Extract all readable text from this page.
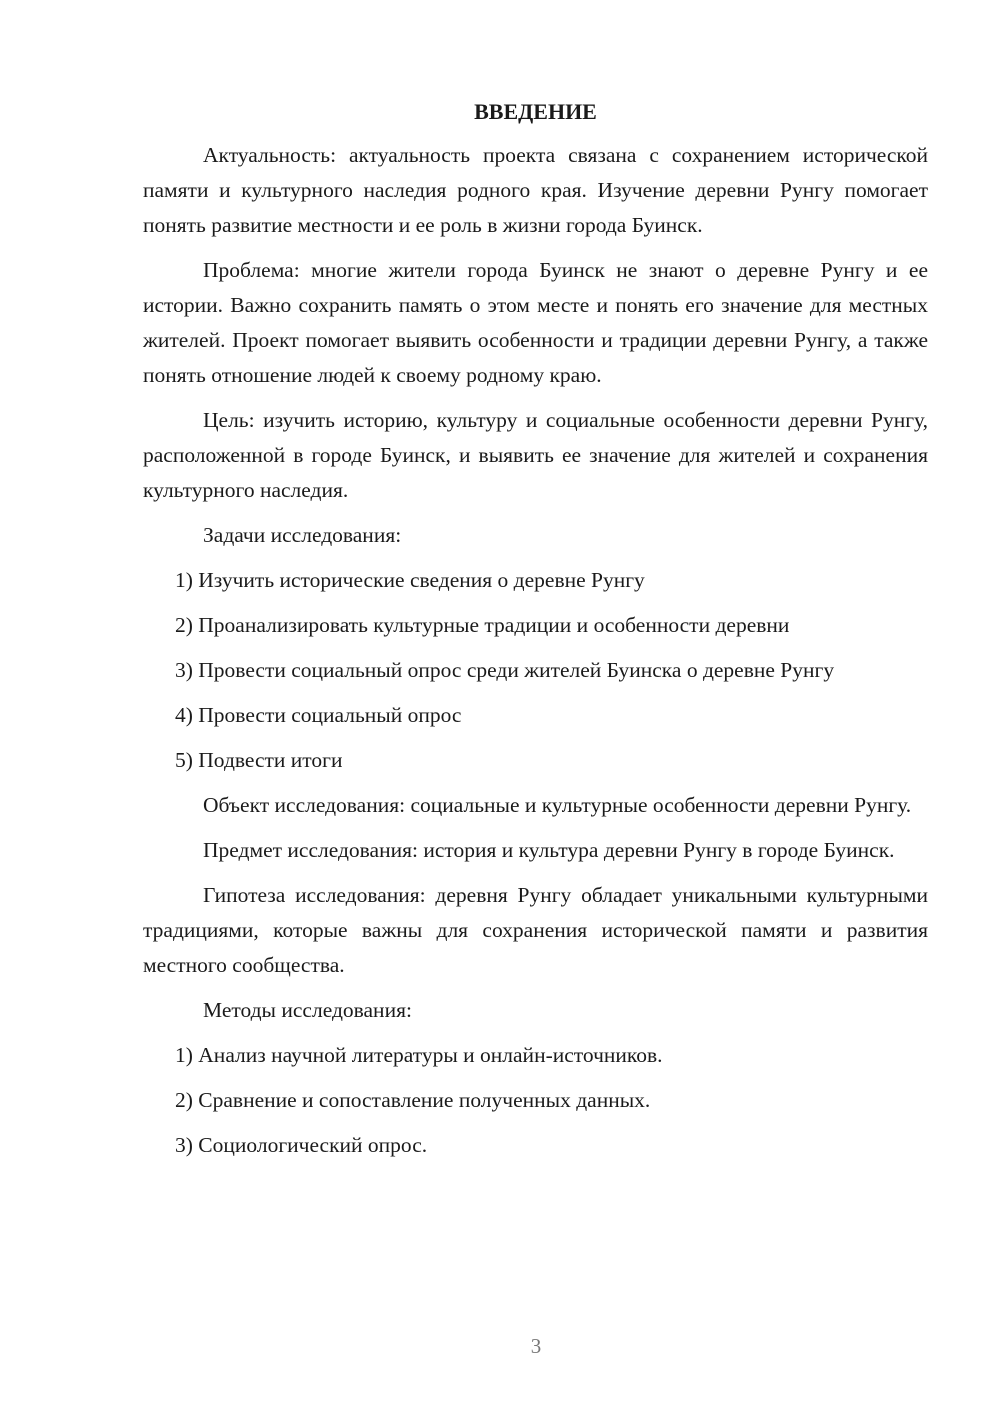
ВВЕДЕНИЕ

Актуальность: актуальность проекта связана с сохранением исторической памяти и культурного наследия родного края. Изучение деревни Рунгу помогает понять развитие местности и ее роль в жизни города Буинск.

Проблема: многие жители города Буинск не знают о деревне Рунгу и ее истории. Важно сохранить память о этом месте и понять его значение для местных жителей. Проект помогает выявить особенности и традиции деревни Рунгу, а также понять отношение людей к своему родному краю.

Цель: изучить историю, культуру и социальные особенности деревни Рунгу, расположенной в городе Буинск, и выявить ее значение для жителей и сохранения культурного наследия.

Задачи исследования:

1) Изучить исторические сведения о деревне Рунгу

2) Проанализировать культурные традиции и особенности деревни

3) Провести социальный опрос среди жителей Буинска о деревне Рунгу

4) Провести социальный опрос

5) Подвести итоги

Объект исследования: социальные и культурные особенности деревни Рунгу.

Предмет исследования: история и культура деревни Рунгу в городе Буинск.

Гипотеза исследования: деревня Рунгу обладает уникальными культурными традициями, которые важны для сохранения исторической памяти и развития местного сообщества.

Методы исследования:

1) Анализ научной литературы и онлайн-источников.

2) Сравнение и сопоставление полученных данных.

3) Социологический опрос.

3
